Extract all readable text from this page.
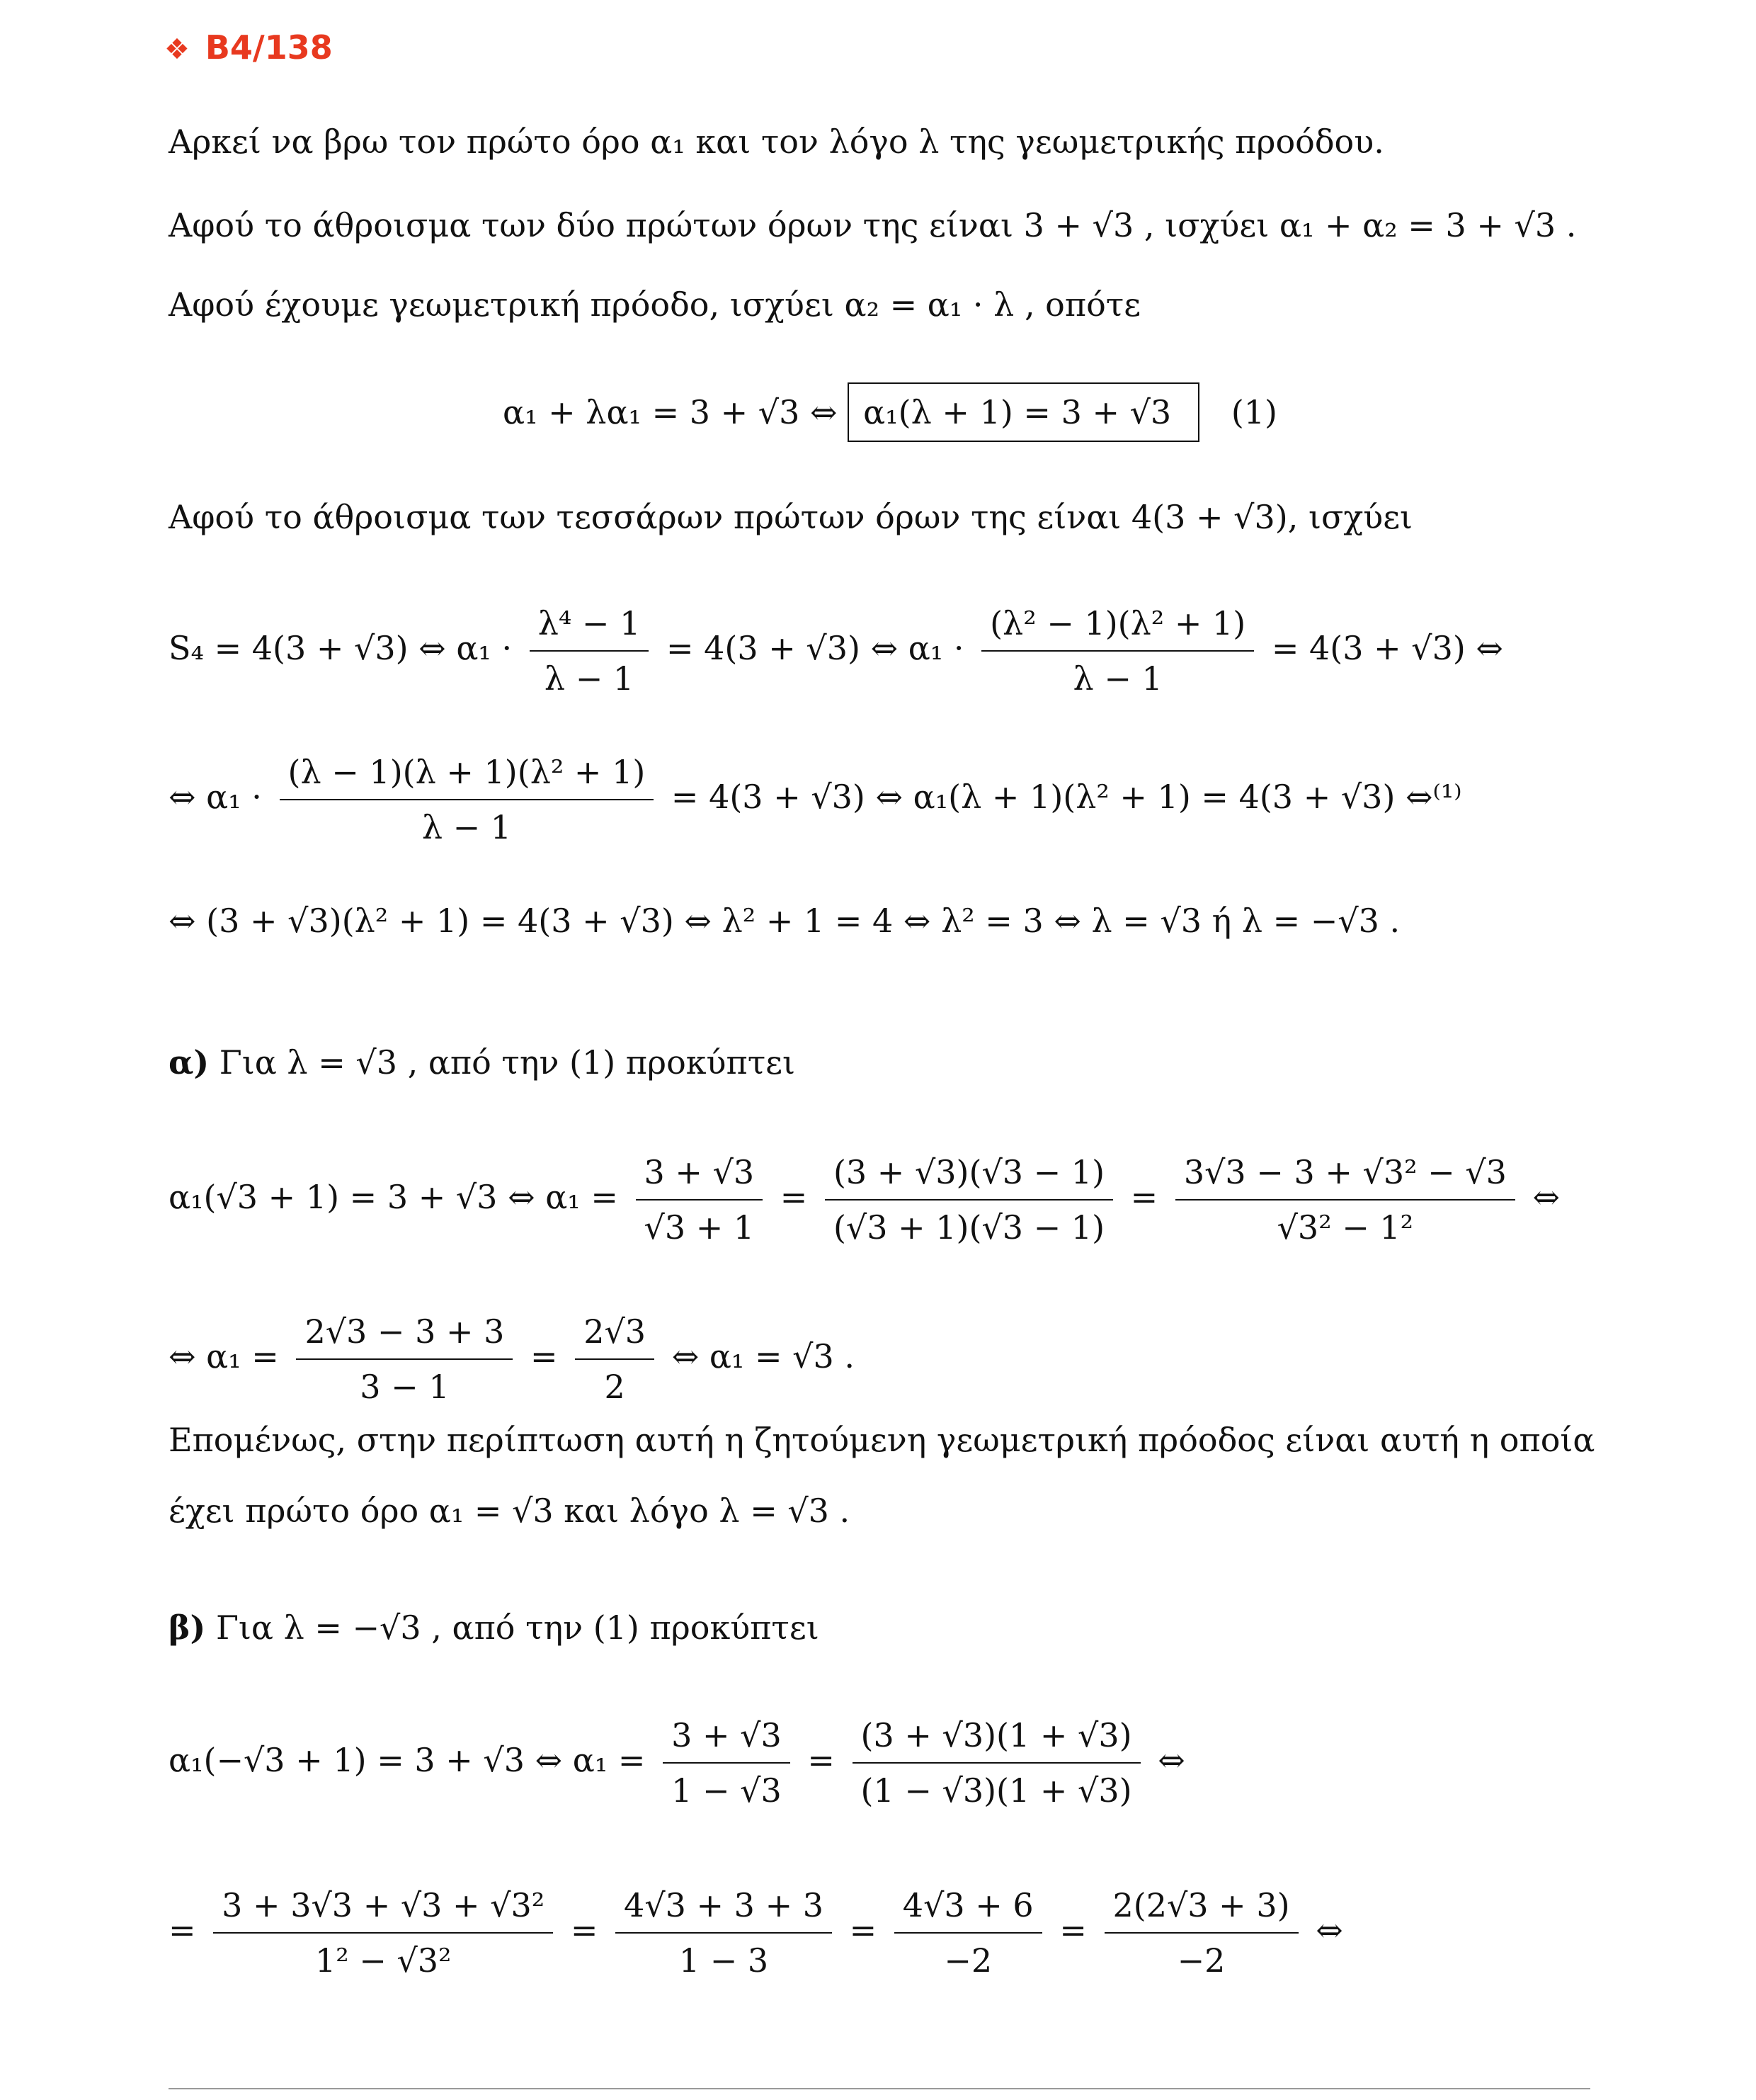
❖ B4/138
Αρκεί να βρω τον πρώτο όρο α₁ και τον λόγο λ της γεωμετρικής προόδου.
Αφού το άθροισμα των δύο πρώτων όρων της είναι 3 + √3 , ισχύει α₁ + α₂ = 3 + √3 .
Αφού έχουμε γεωμετρική πρόοδο, ισχύει α₂ = α₁ · λ , οπότε
α₁ + λα₁ = 3 + √3 ⇔ α₁(λ + 1) = 3 + √3 (1)
Αφού το άθροισμα των τεσσάρων πρώτων όρων της είναι 4(3 + √3), ισχύει
S₄ = 4(3 + √3) ⇔ $\alpha_1 \cdot \frac{\text{λ⁴ − 1}}{\lambda - 1} = 4(3 + √3)$ ⇔ $\alpha_1 \cdot \frac{\text{(λ² − 1)(λ² + 1)}}{\lambda - 1} = 4(3 + √3)$ ⇔
⇔ $\alpha_1 \cdot \frac{\text{(λ − 1)(λ + 1)(λ² + 1)}}{\lambda - 1} = 4(3 + √3)$ ⇔ α₁(λ + 1)(λ² + 1) = 4(3 + √3) ⇔⁽¹⁾
⇔ (3 + √3)(λ² + 1) = 4(3 + √3) ⇔ λ² + 1 = 4 ⇔ λ² = 3 ⇔ λ = √3 ή λ = −√3 .
α) Για λ = √3 , από την (1) προκύπτει
α₁(√3 + 1) = 3 + √3 ⇔ $\alpha_1 = \frac{3 + √3}{√3 + 1} = \frac{(3 + √3)(√3 - 1)}{(√3 + 1)(√3 - 1)} = \frac{\text{3√3 − 3 + √3² − √3}}{\text{√3² − 1²}}$ ⇔
⇔ $\alpha_1 = \frac{2√3 - 3 + 3}{3 - 1} = \frac{2√3}{2}$ ⇔ α₁ = √3 .
Επομένως, στην περίπτωση αυτή η ζητούμενη γεωμετρική πρόοδος είναι αυτή η οποία
έχει πρώτο όρο α₁ = √3 και λόγο λ = √3 .
β) Για λ = −√3 , από την (1) προκύπτει
α₁(−√3 + 1) = 3 + √3 ⇔ $\alpha_1 = \frac{3 + √3}{1 - √3} = \frac{(3 + √3)(1 + √3)}{(1 - √3)(1 + √3)}$ ⇔
= $\frac{\text{3 + 3√3 + √3 + √3²}}{\text{1² − √3²}} = \frac{4√3 + 3 + 3}{1 - 3} = \frac{4√3 + 6}{-2} = \frac{2(2√3 + 3)}{-2}$ ⇔
